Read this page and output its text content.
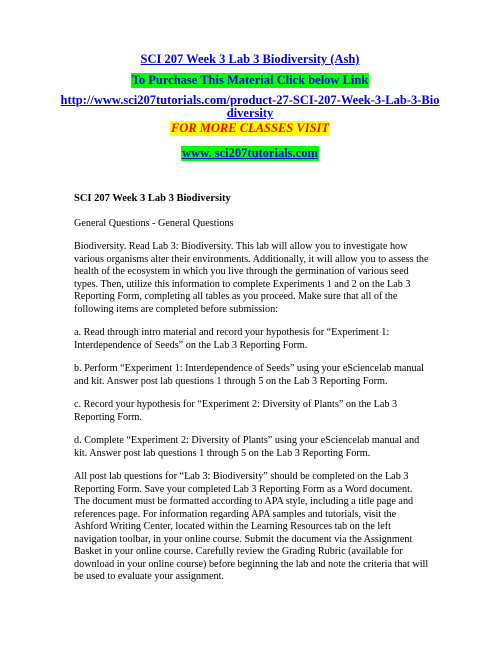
SCI 207 Week 3 Lab 3 Biodiversity (Ash)
To Purchase This Material Click below Link
http://www.sci207tutorials.com/product-27-SCI-207-Week-3-Lab-3-Biodiversity
FOR MORE CLASSES VISIT
www. sci207tutorials.com

SCI 207 Week 3 Lab 3 Biodiversity

General Questions - General Questions

Biodiversity. Read Lab 3: Biodiversity. This lab will allow you to investigate how various organisms alter their environments. Additionally, it will allow you to assess the health of the ecosystem in which you live through the germination of various seed types. Then, utilize this information to complete Experiments 1 and 2 on the Lab 3 Reporting Form, completing all tables as you proceed. Make sure that all of the following items are completed before submission:

a. Read through intro material and record your hypothesis for “Experiment 1: Interdependence of Seeds” on the Lab 3 Reporting Form.

b. Perform “Experiment 1: Interdependence of Seeds” using your eSciencelab manual and kit. Answer post lab questions 1 through 5 on the Lab 3 Reporting Form.

c. Record your hypothesis for “Experiment 2: Diversity of Plants” on the Lab 3 Reporting Form.

d. Complete “Experiment 2: Diversity of Plants” using your eSciencelab manual and kit. Answer post lab questions 1 through 5 on the Lab 3 Reporting Form.

All post lab questions for “Lab 3: Biodiversity” should be completed on the Lab 3 Reporting Form. Save your completed Lab 3 Reporting Form as a Word document. The document must be formatted according to APA style, including a title page and references page. For information regarding APA samples and tutorials, visit the Ashford Writing Center, located within the Learning Resources tab on the left navigation toolbar, in your online course. Submit the document via the Assignment Basket in your online course. Carefully review the Grading Rubric (available for download in your online course) before beginning the lab and note the criteria that will be used to evaluate your assignment.
